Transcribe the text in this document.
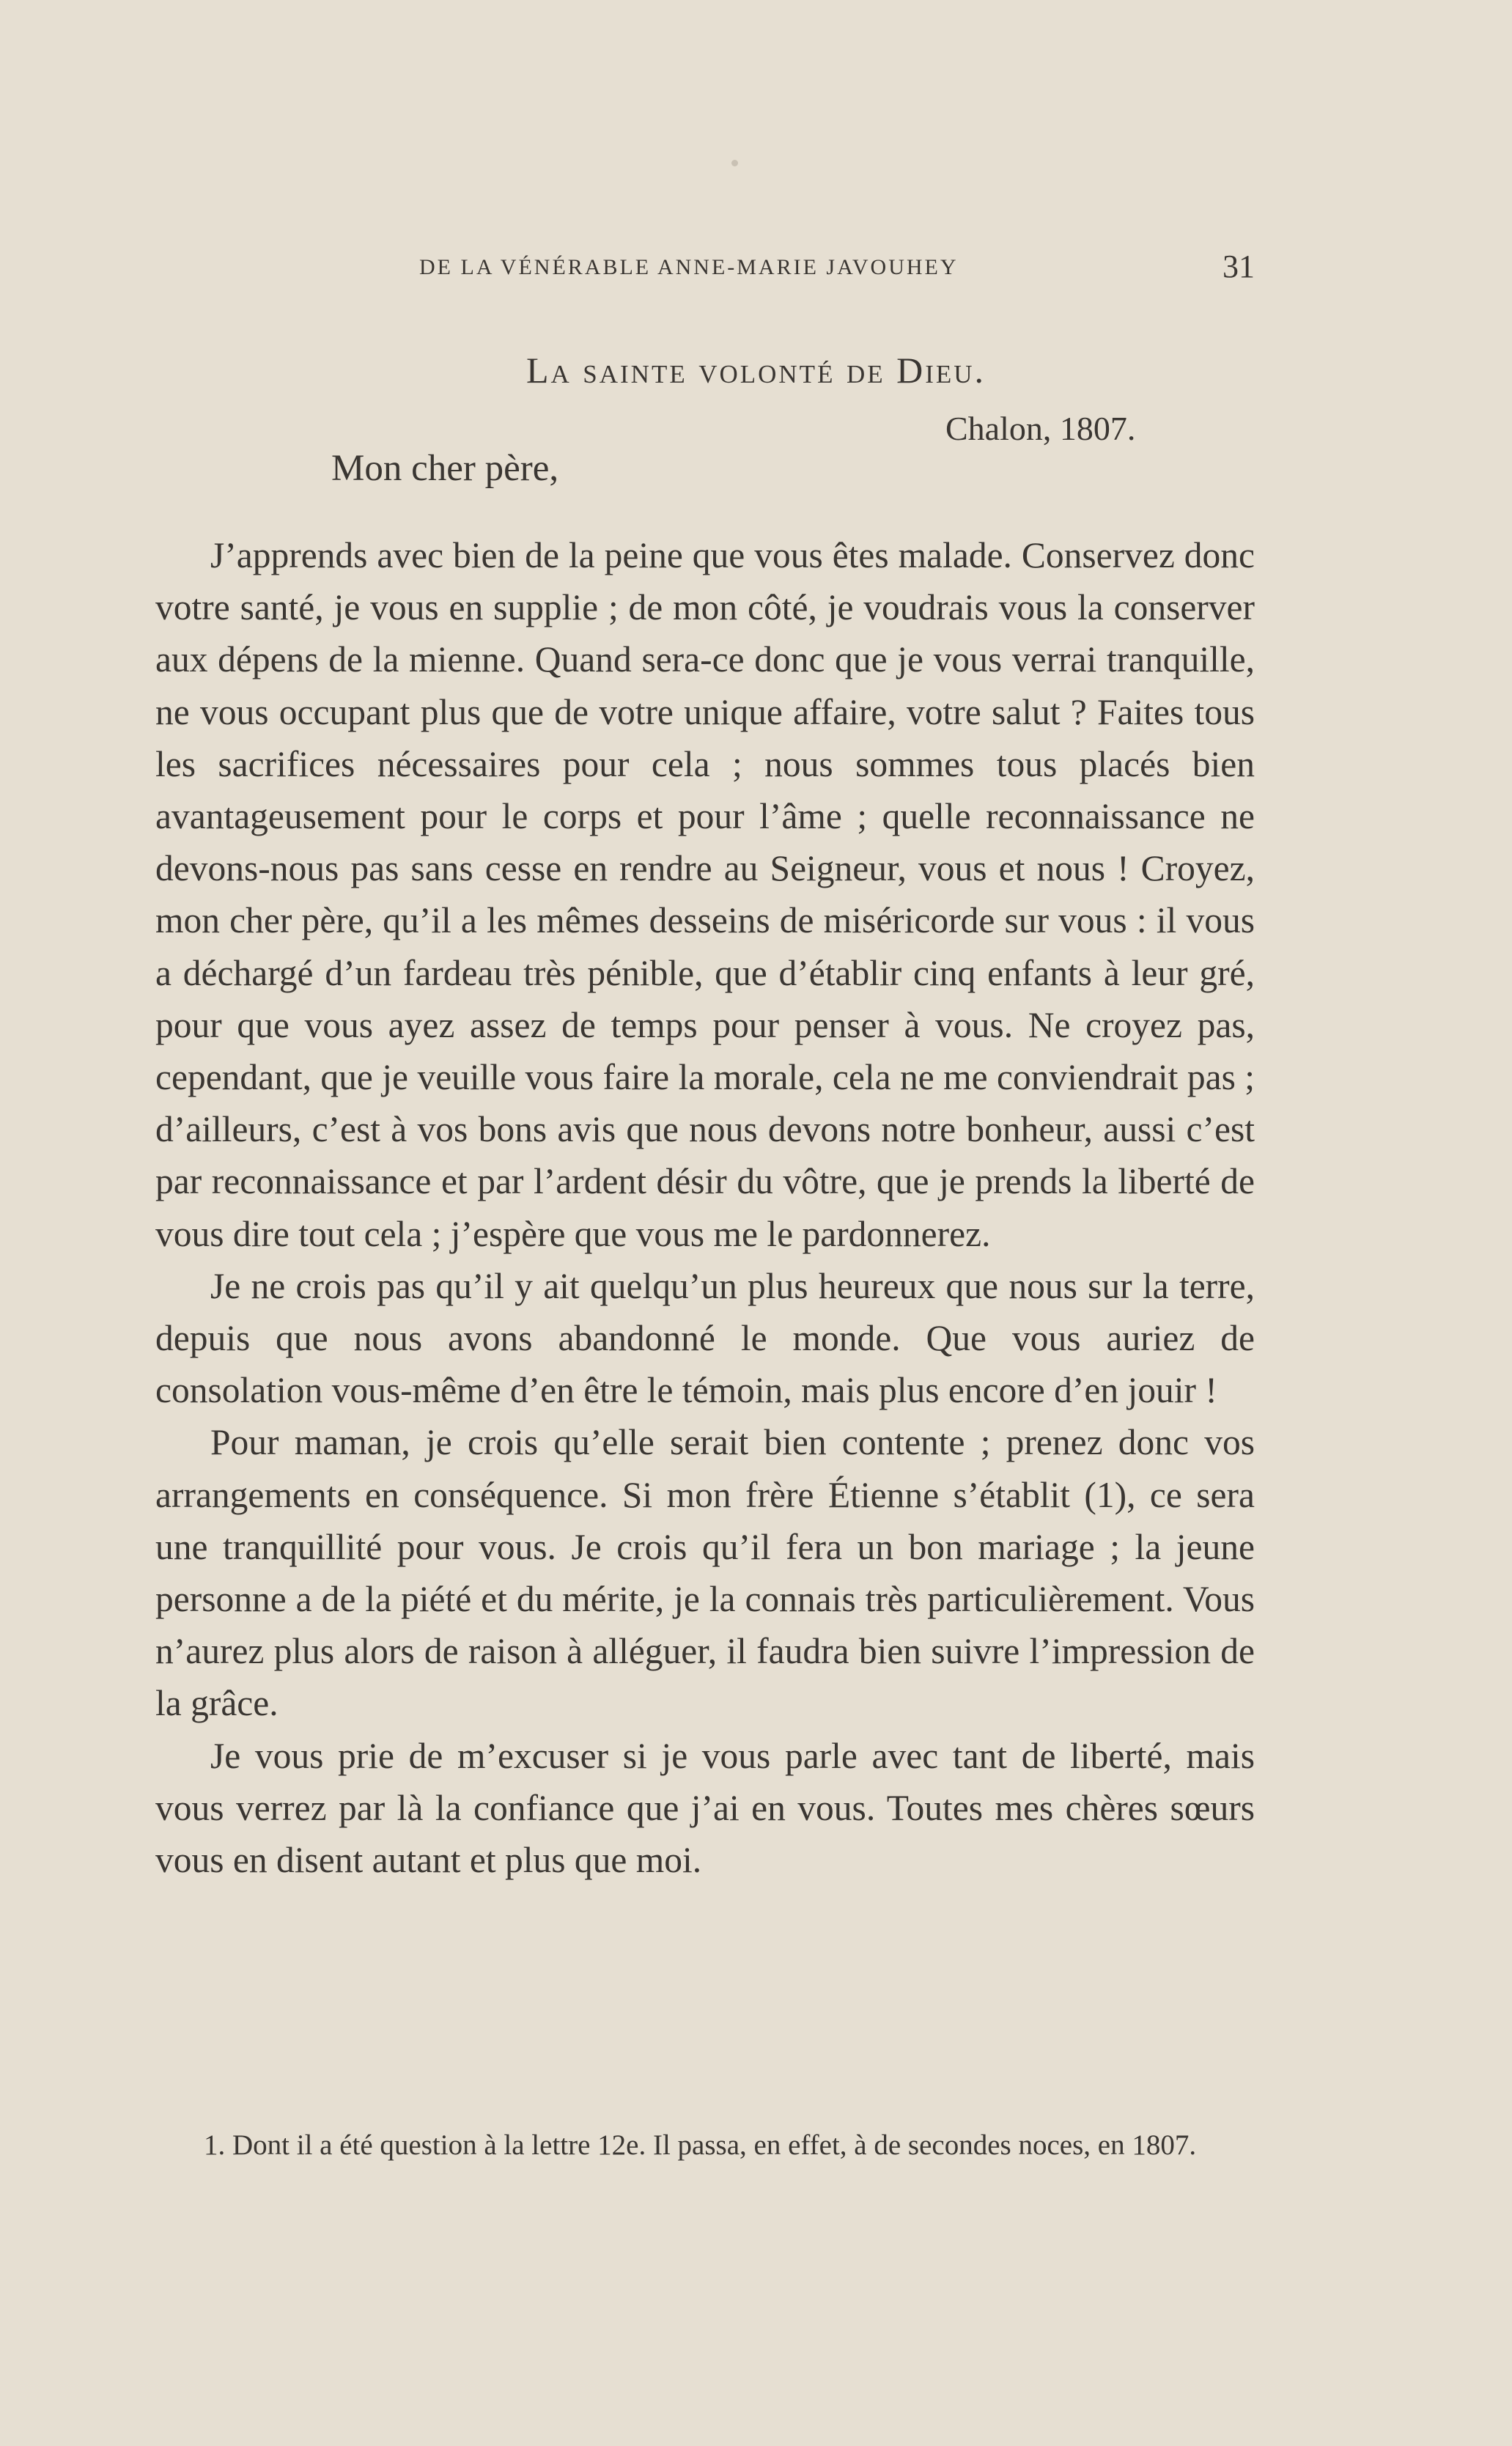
DE LA VÉNÉRABLE ANNE-MARIE JAVOUHEY	31
La sainte volonté de Dieu.
Chalon, 1807.
Mon cher père,

J’apprends avec bien de la peine que vous êtes malade. Conservez donc votre santé, je vous en supplie ; de mon côté, je voudrais vous la conserver aux dépens de la mienne. Quand sera-ce donc que je vous verrai tranquille, ne vous occupant plus que de votre unique affaire, votre salut ? Faites tous les sacrifices nécessaires pour cela ; nous sommes tous placés bien avantageusement pour le corps et pour l’âme ; quelle reconnaissance ne devons-nous pas sans cesse en rendre au Seigneur, vous et nous ! Croyez, mon cher père, qu’il a les mêmes desseins de miséricorde sur vous : il vous a déchargé d’un fardeau très pénible, que d’établir cinq enfants à leur gré, pour que vous ayez assez de temps pour penser à vous. Ne croyez pas, cependant, que je veuille vous faire la morale, cela ne me conviendrait pas ; d’ailleurs, c’est à vos bons avis que nous devons notre bonheur, aussi c’est par reconnaissance et par l’ardent désir du vôtre, que je prends la liberté de vous dire tout cela ; j’espère que vous me le pardonnerez.

Je ne crois pas qu’il y ait quelqu’un plus heureux que nous sur la terre, depuis que nous avons abandonné le monde. Que vous auriez de consolation vous-même d’en être le témoin, mais plus encore d’en jouir !

Pour maman, je crois qu’elle serait bien contente ; prenez donc vos arrangements en conséquence. Si mon frère Étienne s’établit (1), ce sera une tranquillité pour vous. Je crois qu’il fera un bon mariage ; la jeune personne a de la piété et du mérite, je la connais très particulièrement. Vous n’aurez plus alors de raison à alléguer, il faudra bien suivre l’impression de la grâce.

Je vous prie de m’excuser si je vous parle avec tant de liberté, mais vous verrez par là la confiance que j’ai en vous. Toutes mes chères sœurs vous en disent autant et plus que moi.

1. Dont il a été question à la lettre 12e. Il passa, en effet, à de secondes noces, en 1807.
